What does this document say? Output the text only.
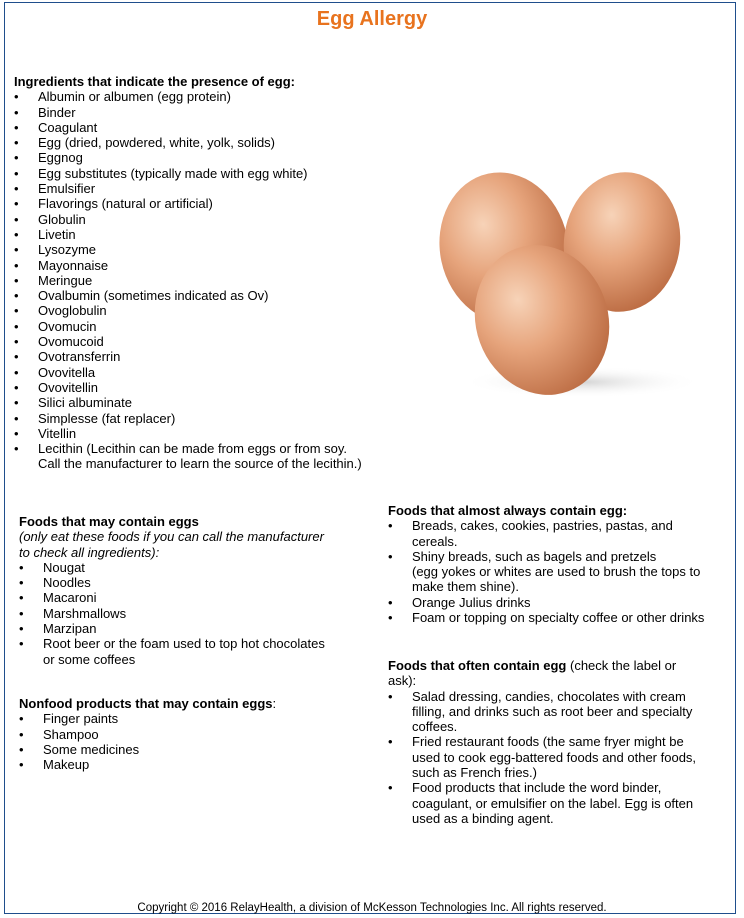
Egg Allergy
Ingredients that indicate the presence of egg:
• Albumin or albumen (egg protein)
• Binder
• Coagulant
• Egg (dried, powdered, white, yolk, solids)
• Eggnog
• Egg substitutes (typically made with egg white)
• Emulsifier
• Flavorings (natural or artificial)
• Globulin
• Livetin
• Lysozyme
• Mayonnaise
• Meringue
• Ovalbumin (sometimes indicated as Ov)
• Ovoglobulin
• Ovomucin
• Ovomucoid
• Ovotransferrin
• Ovovitella
• Ovovitellin
• Silici albuminate
• Simplesse (fat replacer)
• Vitellin
• Lecithin (Lecithin can be made from eggs or from soy.
Call the manufacturer to learn the source of the lecithin.)
Foods that may contain eggs
(only eat these foods if you can call the manufacturer
to check all ingredients):
• Nougat
• Noodles
• Macaroni
• Marshmallows
• Marzipan
• Root beer or the foam used to top hot chocolates
or some coffees
Nonfood products that may contain eggs:
• Finger paints
• Shampoo
• Some medicines
• Makeup
Foods that almost always contain egg:
• Breads, cakes, cookies, pastries, pastas, and
cereals.
• Shiny breads, such as bagels and pretzels
(egg yokes or whites are used to brush the tops to
make them shine).
• Orange Julius drinks
• Foam or topping on specialty coffee or other drinks
Foods that often contain egg (check the label or
ask):
• Salad dressing, candies, chocolates with cream
filling, and drinks such as root beer and specialty
coffees.
• Fried restaurant foods (the same fryer might be
used to cook egg-battered foods and other foods,
such as French fries.)
• Food products that include the word binder,
coagulant, or emulsifier on the label. Egg is often
used as a binding agent.
Copyright © 2016 RelayHealth, a division of McKesson Technologies Inc. All rights reserved.
